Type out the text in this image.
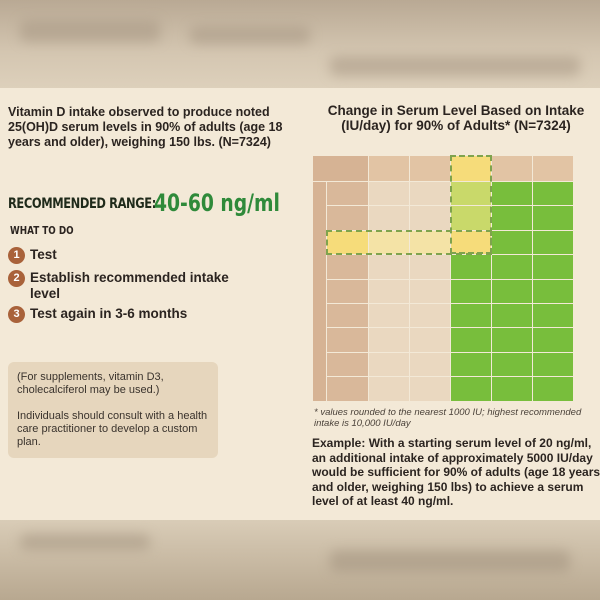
Vitamin D intake observed to produce noted 25(OH)D serum levels in 90% of adults (age 18 years and older), weighing 150 lbs. (N=7324)
RECOMMENDED RANGE:
40-60 ng/ml
WHAT TO DO
1 Test
2 Establish recommended intake level
3 Test again in 3-6 months

(For supplements, vitamin D3, cholecalciferol may be used.)

Individuals should consult with a health care practitioner to develop a custom plan.

Change in Serum Level Based on Intake (IU/day) for 90% of Adults* (N=7324)
* values rounded to the nearest 1000 IU; highest recommended intake is 10,000 IU/day
Example: With a starting serum level of 20 ng/ml, an additional intake of approximately 5000 IU/day would be sufficient for 90% of adults (age 18 years and older, weighing 150 lbs) to achieve a serum level of at least 40 ng/ml.
